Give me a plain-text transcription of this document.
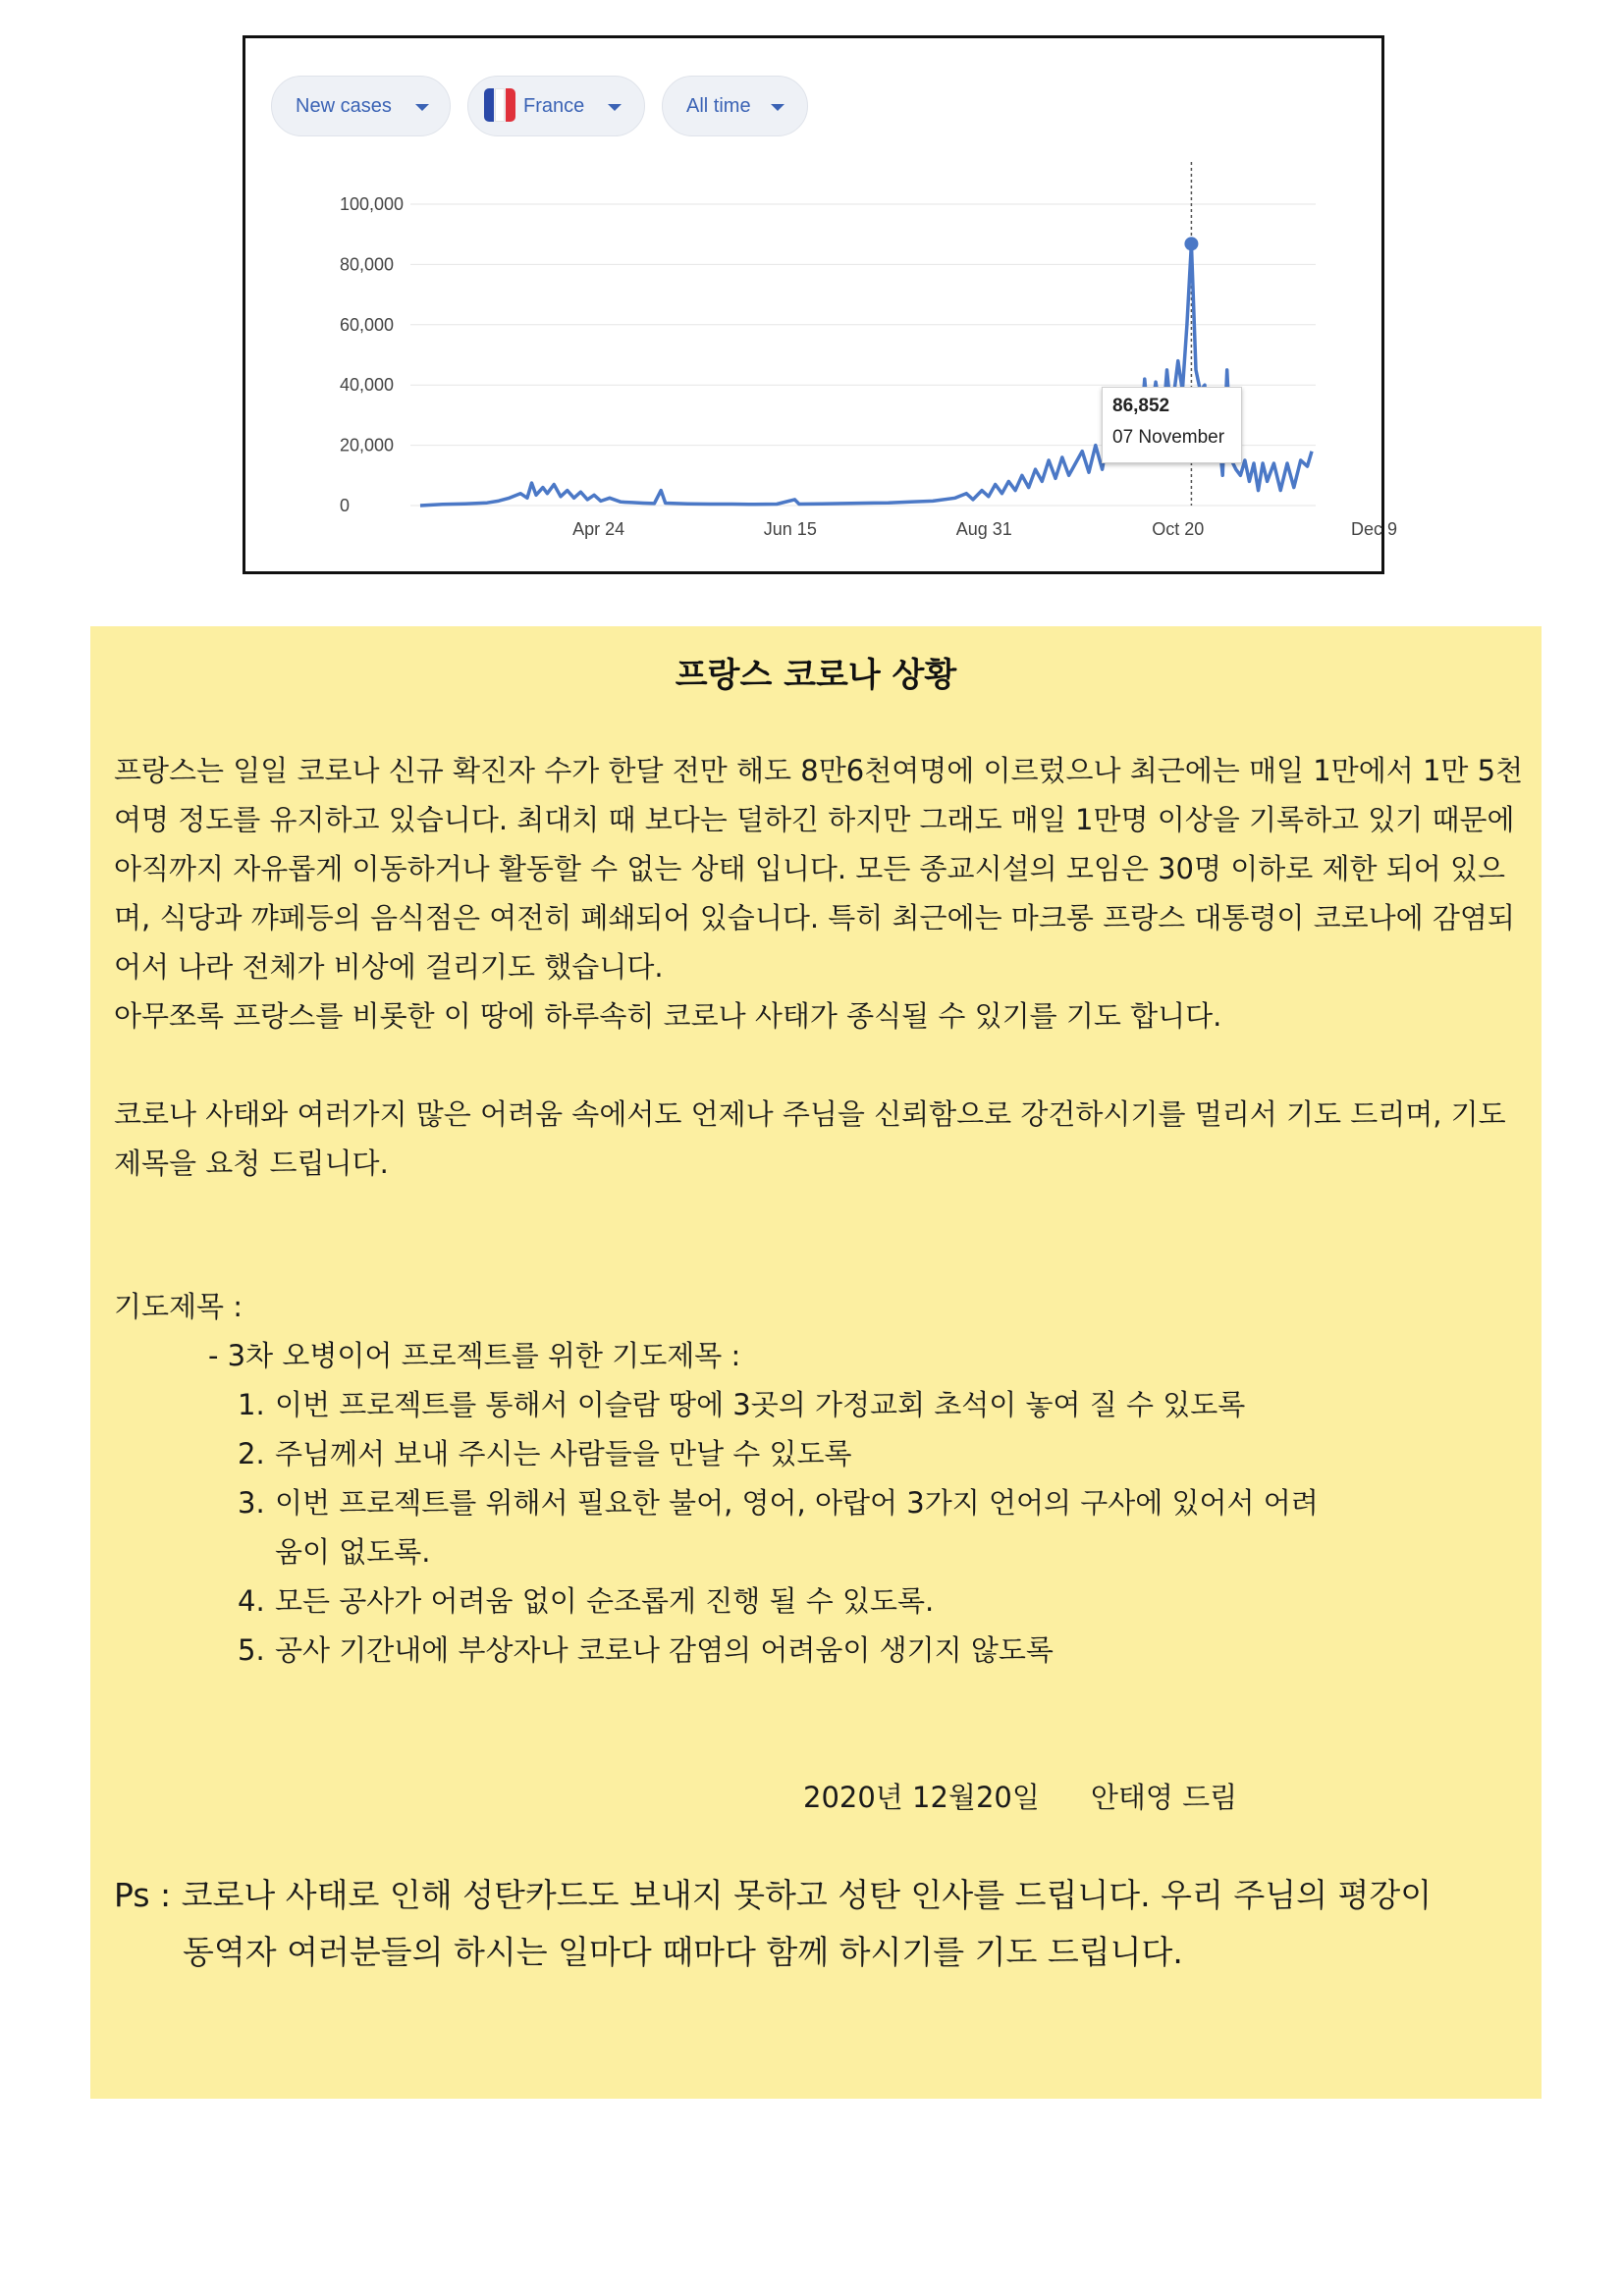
New cases	France	All time
0
20,000
40,000
60,000
80,000
100,000
Apr 24	Jun 15	Aug 31	Oct 20	Dec 9
86,852
07 November
프랑스 코로나 상황
프랑스는 일일 코로나 신규 확진자 수가 한달 전만 해도 8만6천여명에 이르렀으나 최근에는 매일 1만에서 1만 5천여명 정도를 유지하고 있습니다. 최대치 때 보다는 덜하긴 하지만 그래도 매일 1만명 이상을 기록하고 있기 때문에 아직까지 자유롭게 이동하거나 활동할 수 없는 상태 입니다. 모든 종교시설의 모임은 30명 이하로 제한 되어 있으며, 식당과 꺄페등의 음식점은 여전히 폐쇄되어 있습니다. 특히 최근에는 마크롱 프랑스 대통령이 코로나에 감염되어서 나라 전체가 비상에 걸리기도 했습니다.
아무쪼록 프랑스를 비롯한 이 땅에 하루속히 코로나 사태가 종식될 수 있기를 기도 합니다.

코로나 사태와 여러가지 많은 어려움 속에서도 언제나 주님을 신뢰함으로 강건하시기를 멀리서 기도 드리며, 기도제목을 요청 드립니다.

기도제목 :
- 3차 오병이어 프로젝트를 위한 기도제목 :
1. 이번 프로젝트를 통해서 이슬람 땅에 3곳의 가정교회 초석이 놓여 질 수 있도록
2. 주님께서 보내 주시는 사람들을 만날 수 있도록
3. 이번 프로젝트를 위해서 필요한 불어, 영어, 아랍어 3가지 언어의 구사에 있어서 어려움이 없도록.
4. 모든 공사가 어려움 없이 순조롭게 진행 될 수 있도록.
5. 공사 기간내에 부상자나 코로나 감염의 어려움이 생기지 않도록
2020년 12월20일 안태영 드림
Ps : 코로나 사태로 인해 성탄카드도 보내지 못하고 성탄 인사를 드립니다. 우리 주님의 평강이
동역자 여러분들의 하시는 일마다 때마다 함께 하시기를 기도 드립니다.
